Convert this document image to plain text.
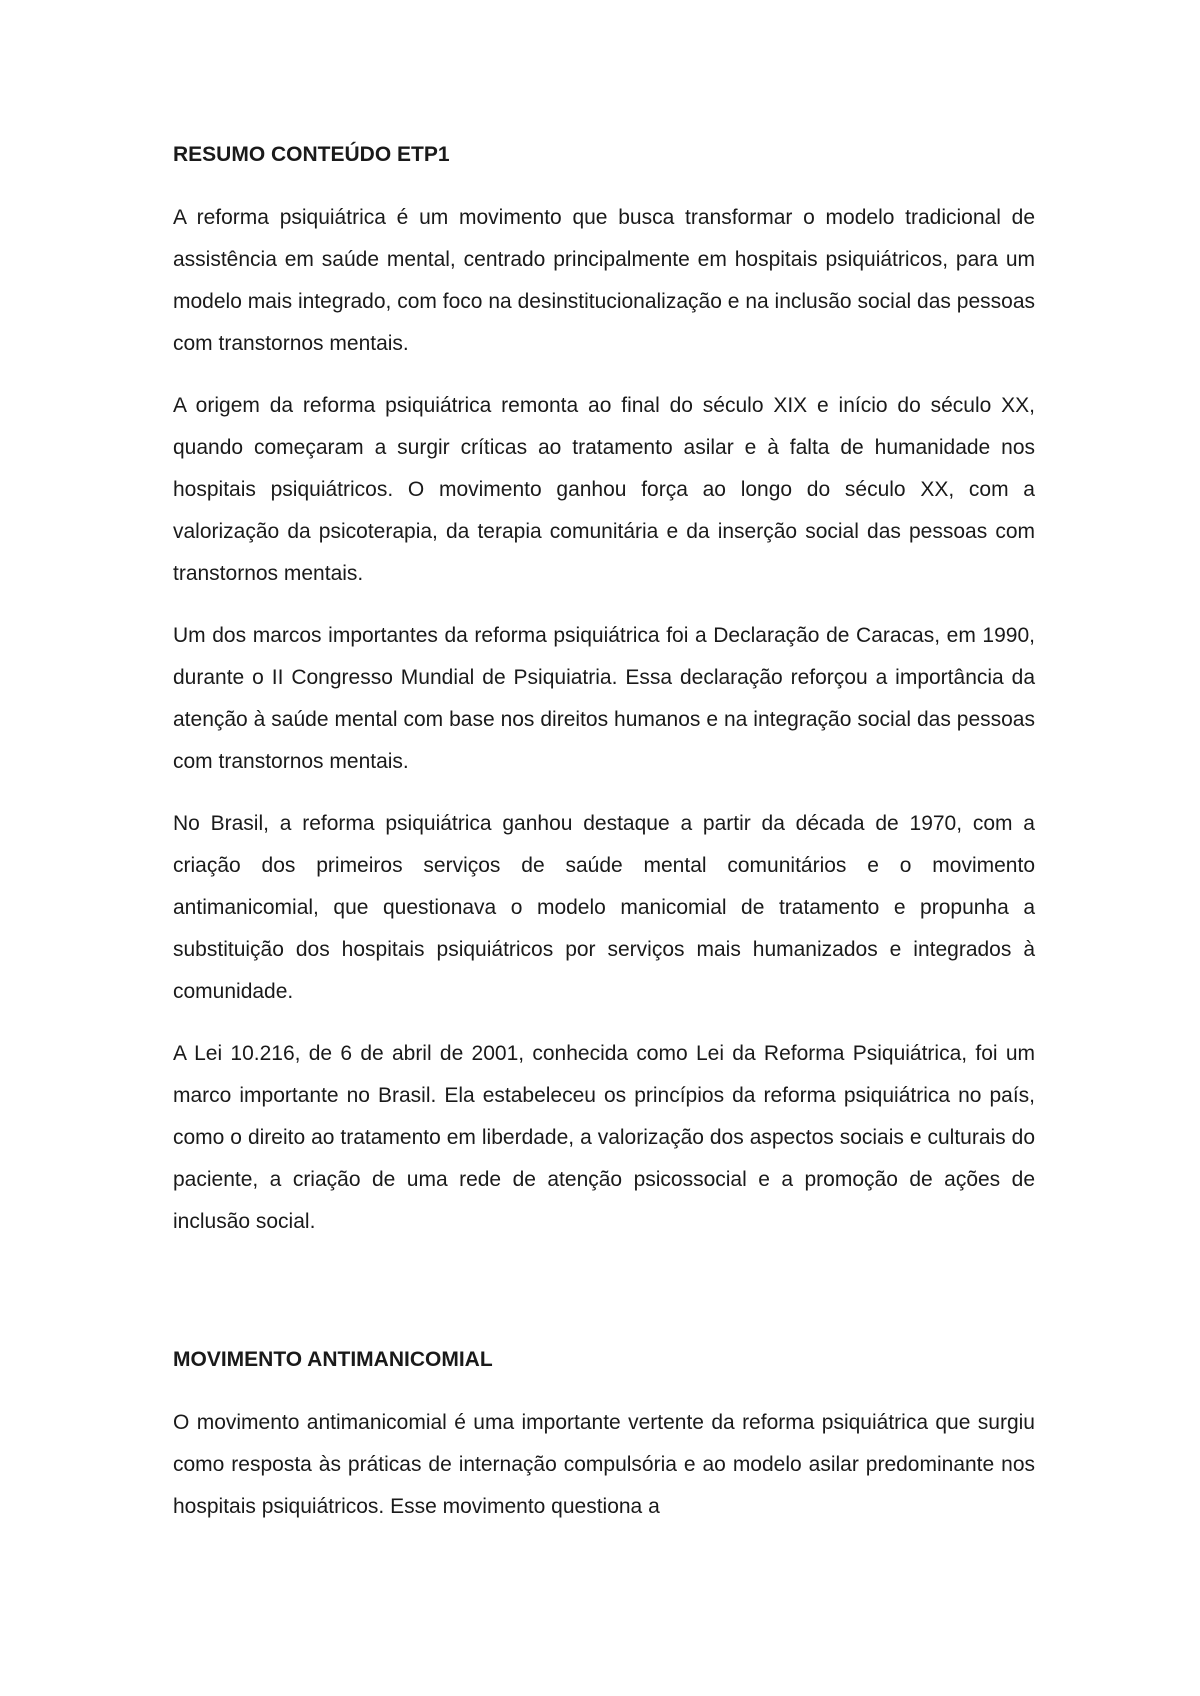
RESUMO CONTEÚDO ETP1

A reforma psiquiátrica é um movimento que busca transformar o modelo tradicional de assistência em saúde mental, centrado principalmente em hospitais psiquiátricos, para um modelo mais integrado, com foco na desinstitucionalização e na inclusão social das pessoas com transtornos mentais.

A origem da reforma psiquiátrica remonta ao final do século XIX e início do século XX, quando começaram a surgir críticas ao tratamento asilar e à falta de humanidade nos hospitais psiquiátricos. O movimento ganhou força ao longo do século XX, com a valorização da psicoterapia, da terapia comunitária e da inserção social das pessoas com transtornos mentais.

Um dos marcos importantes da reforma psiquiátrica foi a Declaração de Caracas, em 1990, durante o II Congresso Mundial de Psiquiatria. Essa declaração reforçou a importância da atenção à saúde mental com base nos direitos humanos e na integração social das pessoas com transtornos mentais.

No Brasil, a reforma psiquiátrica ganhou destaque a partir da década de 1970, com a criação dos primeiros serviços de saúde mental comunitários e o movimento antimanicomial, que questionava o modelo manicomial de tratamento e propunha a substituição dos hospitais psiquiátricos por serviços mais humanizados e integrados à comunidade.

A Lei 10.216, de 6 de abril de 2001, conhecida como Lei da Reforma Psiquiátrica, foi um marco importante no Brasil. Ela estabeleceu os princípios da reforma psiquiátrica no país, como o direito ao tratamento em liberdade, a valorização dos aspectos sociais e culturais do paciente, a criação de uma rede de atenção psicossocial e a promoção de ações de inclusão social.

MOVIMENTO ANTIMANICOMIAL

O movimento antimanicomial é uma importante vertente da reforma psiquiátrica que surgiu como resposta às práticas de internação compulsória e ao modelo asilar predominante nos hospitais psiquiátricos. Esse movimento questiona a
